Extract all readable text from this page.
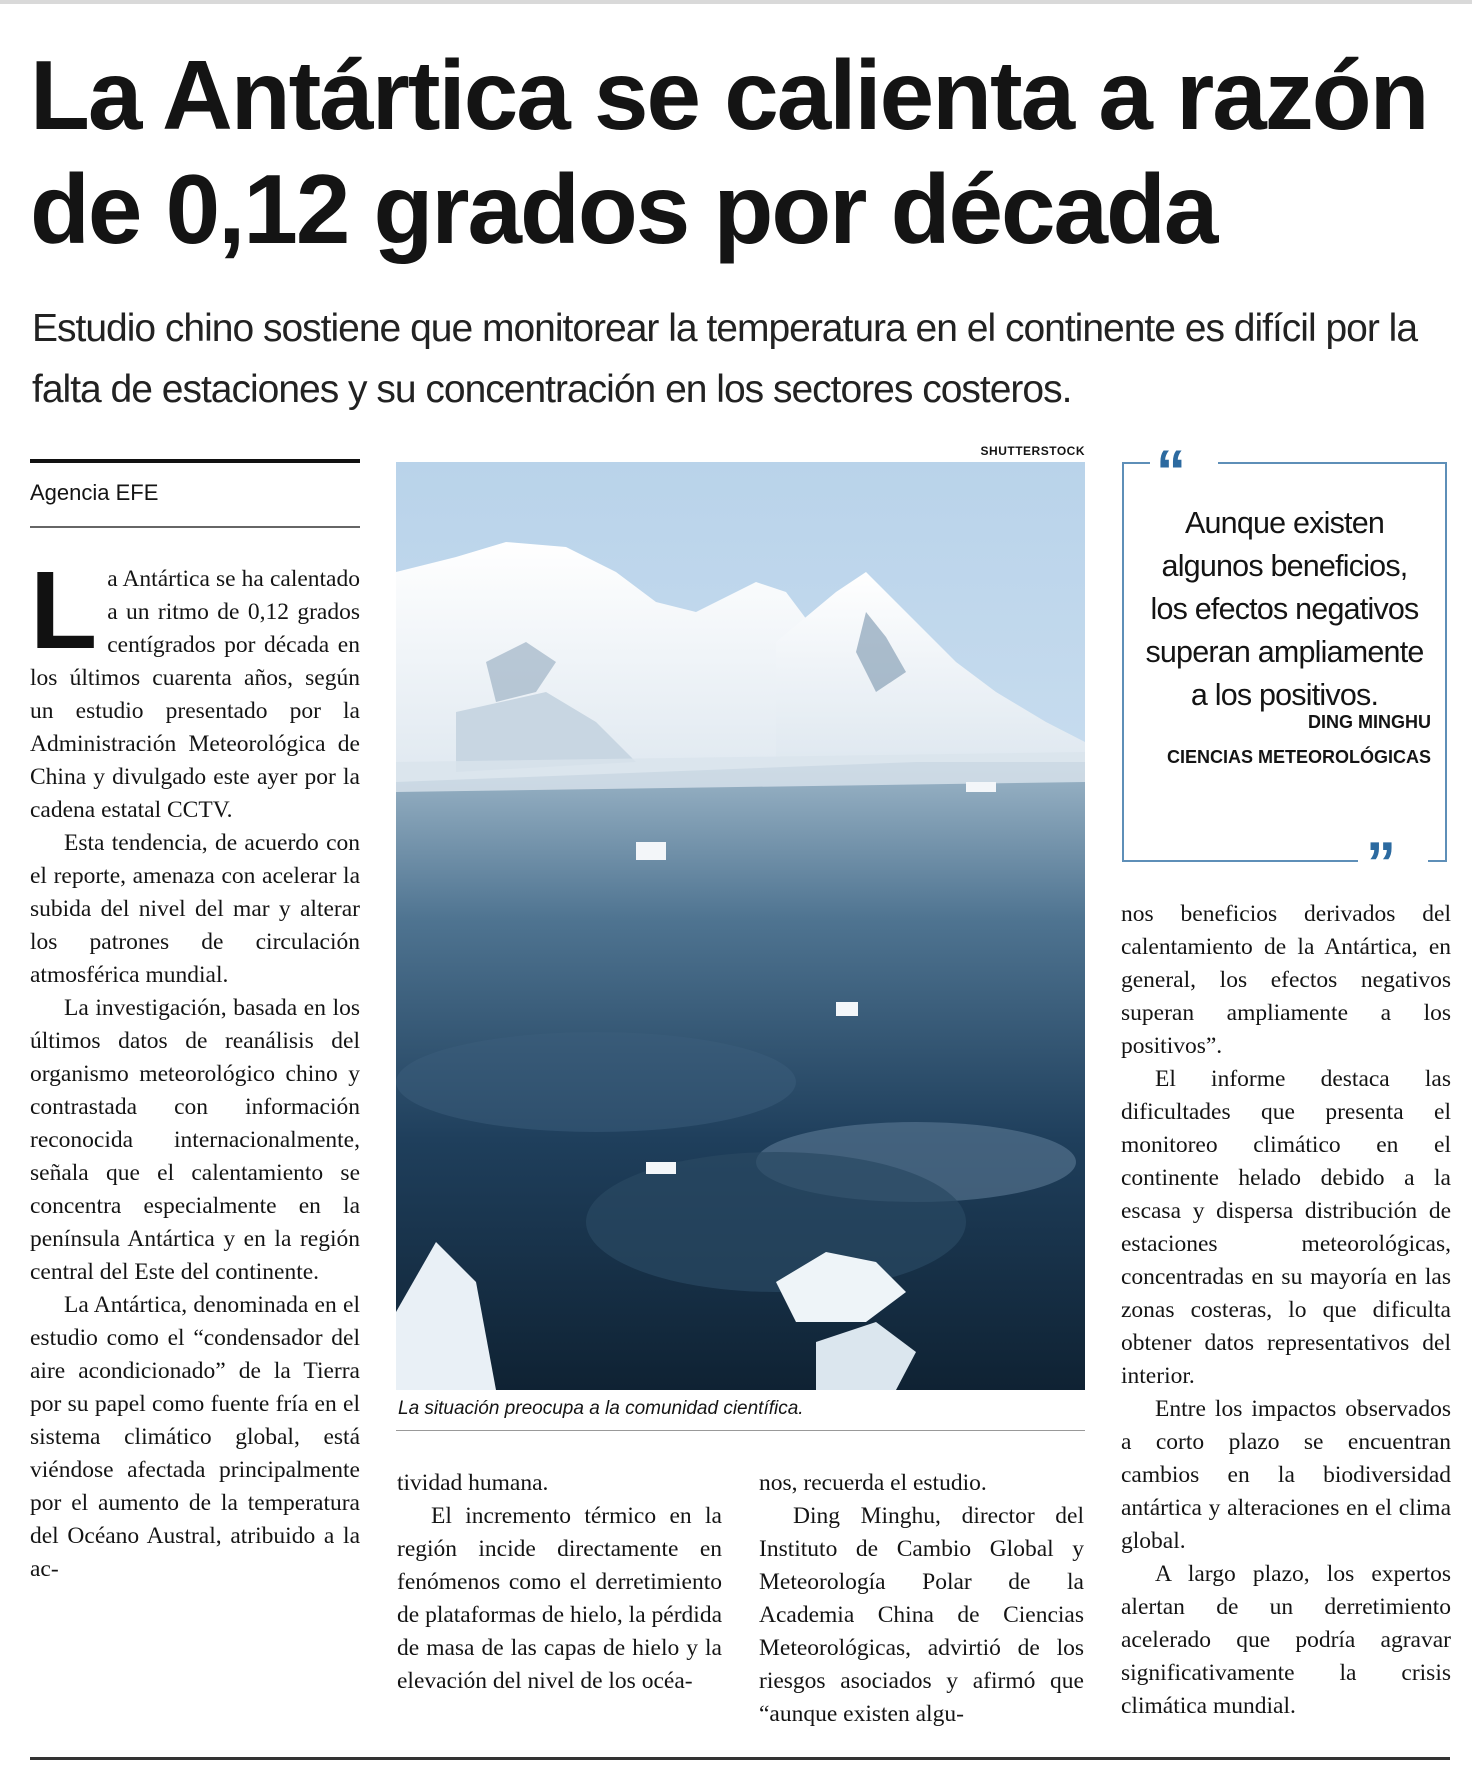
La Antártica se calienta a razón
de 0,12 grados por década
Estudio chino sostiene que monitorear la temperatura en el continente es difícil por la
falta de estaciones y su concentración en los sectores costeros.
Agencia EFE
L a Antártica se ha calentado a un ritmo de 0,12 grados centígrados por década en los últimos cuarenta años, según un estudio presentado por la Administración Meteorológica de China y divulgado este ayer por la cadena estatal CCTV.

Esta tendencia, de acuerdo con el reporte, amenaza con acelerar la subida del nivel del mar y alterar los patrones de circulación atmosférica mundial.

La investigación, basada en los últimos datos de reanálisis del organismo meteorológico chino y contrastada con información reconocida internacionalmente, señala que el calentamiento se concentra especialmente en la península Antártica y en la región central del Este del continente.

La Antártica, denominada en el estudio como el “condensador del aire acondicionado” de la Tierra por su papel como fuente fría en el sistema climático global, está viéndose afectada principalmente por el aumento de la temperatura del Océano Austral, atribuido a la ac-

SHUTTERSTOCK
La situación preocupa a la comunidad científica.

tividad humana.

El incremento térmico en la región incide directamente en fenómenos como el derretimiento de plataformas de hielo, la pérdida de masa de las capas de hielo y la elevación del nivel de los océa-

nos, recuerda el estudio.

Ding Minghu, director del Instituto de Cambio Global y Meteorología Polar de la Academia China de Ciencias Meteorológicas, advirtió de los riesgos asociados y afirmó que “aunque existen algu-

“
”
Aunque existen
algunos beneficios,
los efectos negativos
superan ampliamente
a los positivos.
DING MINGHU
CIENCIAS METEOROLÓGICAS

nos beneficios derivados del calentamiento de la Antártica, en general, los efectos negativos superan ampliamente a los positivos”.

El informe destaca las dificultades que presenta el monitoreo climático en el continente helado debido a la escasa y dispersa distribución de estaciones meteorológicas, concentradas en su mayoría en las zonas costeras, lo que dificulta obtener datos representativos del interior.

Entre los impactos observados a corto plazo se encuentran cambios en la biodiversidad antártica y alteraciones en el clima global.

A largo plazo, los expertos alertan de un derretimiento acelerado que podría agravar significativamente la crisis climática mundial.
